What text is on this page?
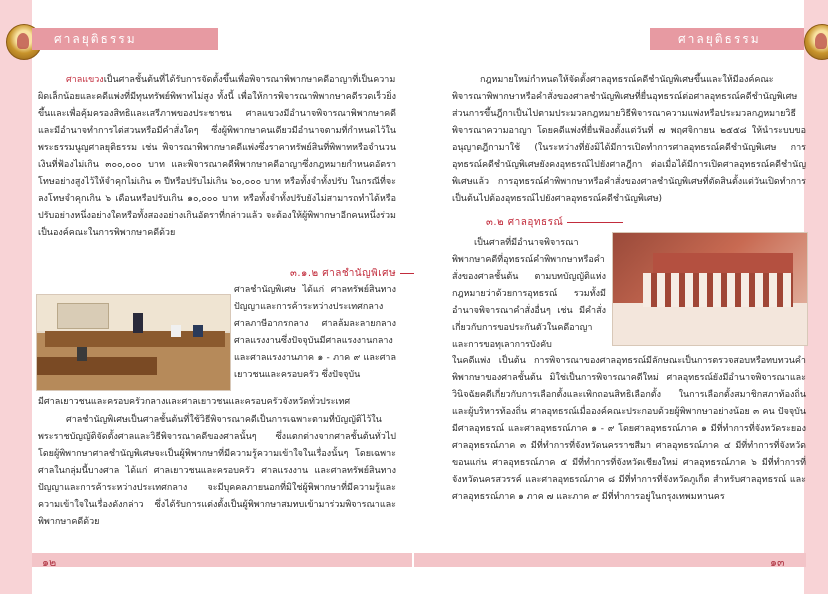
ศาลยุติธรรม
ศาลแขวงเป็นศาลชั้นต้นที่ได้รับการจัดตั้งขึ้นเพื่อพิจารณาพิพากษาคดีอาญาที่เป็นความผิดเล็กน้อยและคดีแพ่งที่มีทุนทรัพย์พิพาทไม่สูง ทั้งนี้ เพื่อให้การพิจารณาพิพากษาคดีรวดเร็วยิ่งขึ้นและเพื่อคุ้มครองสิทธิและเสรีภาพของประชาชน ศาลแขวงมีอำนาจพิจารณาพิพากษาคดีและมีอำนาจทำการไต่สวนหรือมีคำสั่งใดๆ ซึ่งผู้พิพากษาคนเดียวมีอำนาจตามที่กำหนดไว้ในพระธรรมนูญศาลยุติธรรม เช่น พิจารณาพิพากษาคดีแพ่งซึ่งราคาทรัพย์สินที่พิพาทหรือจำนวนเงินที่ฟ้องไม่เกิน ๓๐๐,๐๐๐ บาท และพิจารณาคดีพิพากษาคดีอาญาซึ่งกฎหมายกำหนดอัตราโทษอย่างสูงไว้ให้จำคุกไม่เกิน ๓ ปีหรือปรับไม่เกิน ๖๐,๐๐๐ บาท หรือทั้งจำทั้งปรับ ในกรณีที่จะลงโทษจำคุกเกิน ๖ เดือนหรือปรับเกิน ๑๐,๐๐๐ บาท หรือทั้งจำทั้งปรับยังไม่สามารถทำได้หรือปรับอย่างหนึ่งอย่างใดหรือทั้งสองอย่างเกินอัตราที่กล่าวแล้ว จะต้องให้ผู้พิพากษาอีกคนหนึ่งร่วมเป็นองค์คณะในการพิพากษาคดีด้วย
๓.๑.๒ ศาลชำนัญพิเศษ
ศาลชำนัญพิเศษ ได้แก่ ศาลทรัพย์สินทางปัญญาและการค้าระหว่างประเทศกลาง ศาลภาษีอากรกลาง ศาลล้มละลายกลาง ศาลแรงงานซึ่งปัจจุบันมีศาลแรงงานกลางและศาลแรงงานภาค ๑ - ภาค ๙ และศาลเยาวชนและครอบครัว ซึ่งปัจจุบัน
มีศาลเยาวชนและครอบครัวกลางและศาลเยาวชนและครอบครัวจังหวัดทั่วประเทศ
ศาลชำนัญพิเศษเป็นศาลชั้นต้นที่ใช้วิธีพิจารณาคดีเป็นการเฉพาะตามที่บัญญัติไว้ในพระราชบัญญัติจัดตั้งศาลและวิธีพิจารณาคดีของศาลนั้นๆ ซึ่งแตกต่างจากศาลชั้นต้นทั่วไป โดยผู้พิพากษาศาลชำนัญพิเศษจะเป็นผู้พิพากษาที่มีความรู้ความเข้าใจในเรื่องนั้นๆ โดยเฉพาะศาลในกลุ่มนี้บางศาล ได้แก่ ศาลเยาวชนและครอบครัว ศาลแรงงาน และศาลทรัพย์สินทางปัญญาและการค้าระหว่างประเทศกลาง จะมีบุคคลภายนอกที่มิใช่ผู้พิพากษาที่มีความรู้และความเข้าใจในเรื่องดังกล่าว ซึ่งได้รับการแต่งตั้งเป็นผู้พิพากษาสมทบเข้ามาร่วมพิจารณาและพิพากษาคดีด้วย
๑๒
ศาลยุติธรรม
กฎหมายใหม่กำหนดให้จัดตั้งศาลอุทธรณ์คดีชำนัญพิเศษขึ้นและให้มีองค์คณะพิจารณาพิพากษาหรือคำสั่งของศาลชำนัญพิเศษที่ยื่นอุทธรณ์ต่อศาลอุทธรณ์คดีชำนัญพิเศษ ส่วนการขึ้นฎีกาเป็นไปตามประมวลกฎหมายวิธีพิจารณาความแพ่งหรือประมวลกฎหมายวิธีพิจารณาความอาญา โดยคดีแพ่งที่ยื่นฟ้องตั้งแต่วันที่ ๗ พฤศจิกายน ๒๕๕๘ ให้นำระบบขออนุญาตฎีกามาใช้ (ในระหว่างที่ยังมิได้มีการเปิดทำการศาลอุทธรณ์คดีชำนัญพิเศษ การอุทธรณ์คดีชำนัญพิเศษยังคงอุทธรณ์ไปยังศาลฎีกา ต่อเมื่อได้มีการเปิดศาลอุทธรณ์คดีชำนัญพิเศษแล้ว การอุทธรณ์คำพิพากษาหรือคำสั่งของศาลชำนัญพิเศษที่ตัดสินตั้งแต่วันเปิดทำการเป็นต้นไปต้องอุทธรณ์ไปยังศาลอุทธรณ์คดีชำนัญพิเศษ)
๓.๒ ศาลอุทธรณ์
เป็นศาลที่มีอำนาจพิจารณาพิพากษาคดีที่อุทธรณ์คำพิพากษาหรือคำสั่งของศาลชั้นต้น ตามบทบัญญัติแห่งกฎหมายว่าด้วยการอุทธรณ์ รวมทั้งมีอำนาจพิจารณาคำสั่งอื่นๆ เช่น มีคำสั่งเกี่ยวกับการขอประกันตัวในคดีอาญาและการขอทุเลาการบังคับ
ในคดีแพ่ง เป็นต้น การพิจารณาของศาลอุทธรณ์มีลักษณะเป็นการตรวจสอบหรือทบทวนคำพิพากษาของศาลชั้นต้น มิใช่เป็นการพิจารณาคดีใหม่ ศาลอุทธรณ์ยังมีอำนาจพิจารณาและวินิจฉัยคดีเกี่ยวกับการเลือกตั้งและเพิกถอนสิทธิเลือกตั้ง ในการเลือกตั้งสมาชิกสภาท้องถิ่นและผู้บริหารท้องถิ่น ศาลอุทธรณ์เมื่อองค์คณะประกอบด้วยผู้พิพากษาอย่างน้อย ๓ คน ปัจจุบันมีศาลอุทธรณ์ และศาลอุทธรณ์ภาค ๑ - ๙ โดยศาลอุทธรณ์ภาค ๑ มีที่ทำการที่จังหวัดระยอง ศาลอุทธรณ์ภาค ๓ มีที่ทำการที่จังหวัดนครราชสีมา ศาลอุทธรณ์ภาค ๔ มีที่ทำการที่จังหวัดขอนแก่น ศาลอุทธรณ์ภาค ๕ มีที่ทำการที่จังหวัดเชียงใหม่ ศาลอุทธรณ์ภาค ๖ มีที่ทำการที่จังหวัดนครสวรรค์ และศาลอุทธรณ์ภาค ๘ มีที่ทำการที่จังหวัดภูเก็ต สำหรับศาลอุทธรณ์ และศาลอุทธรณ์ภาค ๑ ภาค ๗ และภาค ๙ มีที่ทำการอยู่ในกรุงเทพมหานคร
๑๓
